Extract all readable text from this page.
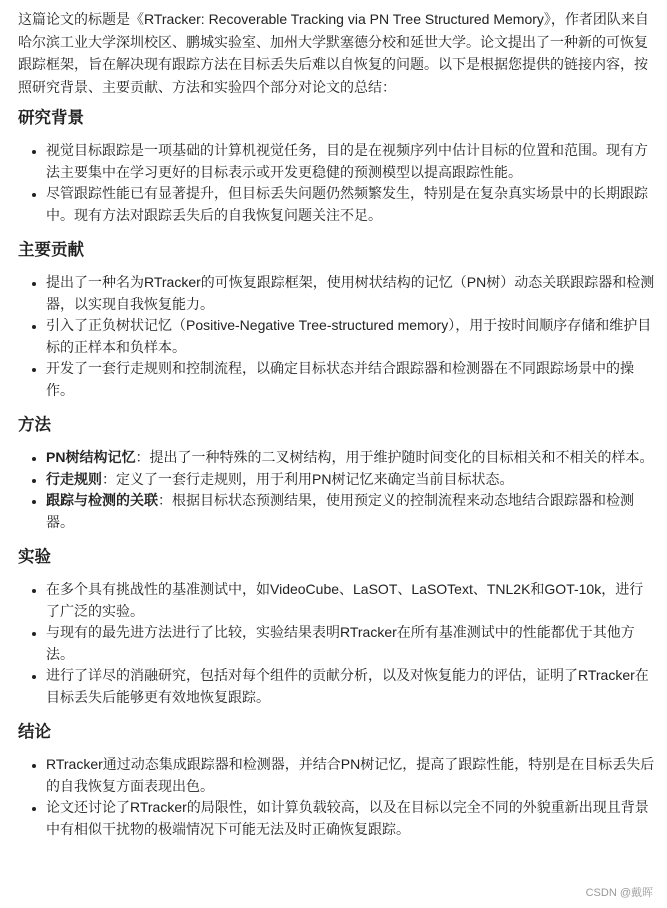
这篇论文的标题是《RTracker: Recoverable Tracking via PN Tree Structured Memory》，作者团队来自哈尔滨工业大学深圳校区、鹏城实验室、加州大学默塞德分校和延世大学。论文提出了一种新的可恢复跟踪框架，旨在解决现有跟踪方法在目标丢失后难以自恢复的问题。以下是根据您提供的链接内容，按照研究背景、主要贡献、方法和实验四个部分对论文的总结：

研究背景
• 视觉目标跟踪是一项基础的计算机视觉任务，目的是在视频序列中估计目标的位置和范围。现有方法主要集中在学习更好的目标表示或开发更稳健的预测模型以提高跟踪性能。
• 尽管跟踪性能已有显著提升，但目标丢失问题仍然频繁发生，特别是在复杂真实场景中的长期跟踪中。现有方法对跟踪丢失后的自我恢复问题关注不足。
主要贡献
• 提出了一种名为RTracker的可恢复跟踪框架，使用树状结构的记忆（PN树）动态关联跟踪器和检测器，以实现自我恢复能力。
• 引入了正负树状记忆（Positive-Negative Tree-structured memory），用于按时间顺序存储和维护目标的正样本和负样本。
• 开发了一套行走规则和控制流程，以确定目标状态并结合跟踪器和检测器在不同跟踪场景中的操作。
方法
• PN树结构记忆：提出了一种特殊的二叉树结构，用于维护随时间变化的目标相关和不相关的样本。
• 行走规则：定义了一套行走规则，用于利用PN树记忆来确定当前目标状态。
• 跟踪与检测的关联：根据目标状态预测结果，使用预定义的控制流程来动态地结合跟踪器和检测器。
实验
• 在多个具有挑战性的基准测试中，如VideoCube、LaSOT、LaSOText、TNL2K和GOT-10k，进行了广泛的实验。
• 与现有的最先进方法进行了比较，实验结果表明RTracker在所有基准测试中的性能都优于其他方法。
• 进行了详尽的消融研究，包括对每个组件的贡献分析，以及对恢复能力的评估，证明了RTracker在目标丢失后能够更有效地恢复跟踪。
结论
• RTracker通过动态集成跟踪器和检测器，并结合PN树记忆，提高了跟踪性能，特别是在目标丢失后的自我恢复方面表现出色。
• 论文还讨论了RTracker的局限性，如计算负载较高，以及在目标以完全不同的外貌重新出现且背景中有相似干扰物的极端情况下可能无法及时正确恢复跟踪。
CSDN @戴晖
